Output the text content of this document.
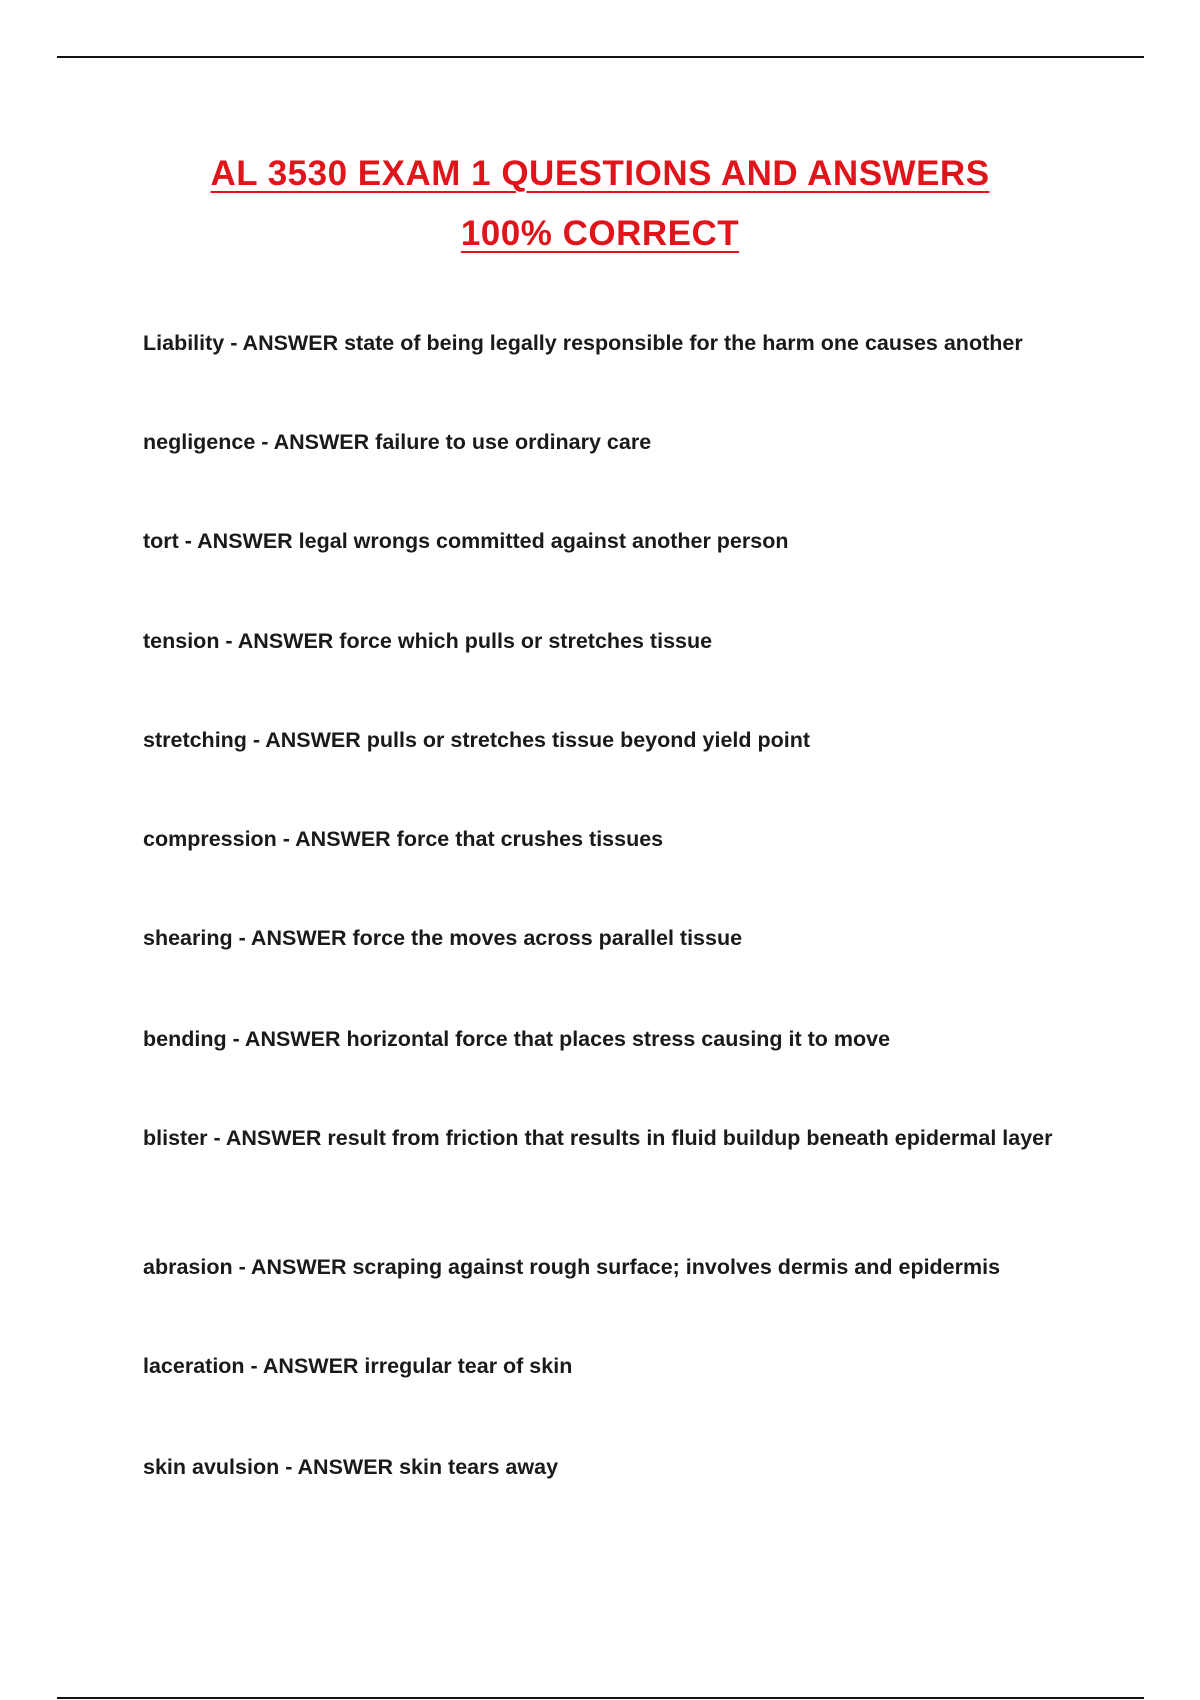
AL 3530 EXAM 1 QUESTIONS AND ANSWERS
100% CORRECT

Liability - ANSWER state of being legally responsible for the harm one causes another

negligence - ANSWER failure to use ordinary care

tort - ANSWER legal wrongs committed against another person

tension - ANSWER force which pulls or stretches tissue

stretching - ANSWER pulls or stretches tissue beyond yield point

compression - ANSWER force that crushes tissues

shearing - ANSWER force the moves across parallel tissue

bending - ANSWER horizontal force that places stress causing it to move

blister - ANSWER result from friction that results in fluid buildup beneath epidermal layer

abrasion - ANSWER scraping against rough surface; involves dermis and epidermis

laceration - ANSWER irregular tear of skin

skin avulsion - ANSWER skin tears away
